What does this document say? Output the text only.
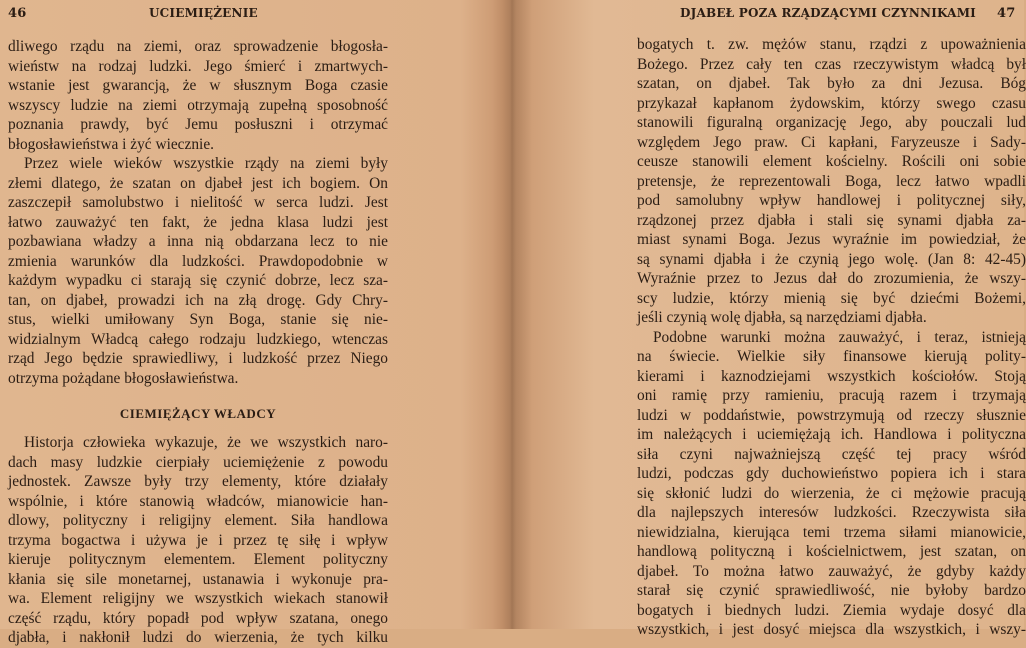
46	UCIEMIĘŻENIE
dliwego rządu na ziemi, oraz sprowadzenie błogosła-
wieństw na rodzaj ludzki. Jego śmierć i zmartwych-
wstanie jest gwarancją, że w słusznym Boga czasie
wszyscy ludzie na ziemi otrzymają zupełną sposobność
poznania prawdy, być Jemu posłuszni i otrzymać
błogosławieństwa i żyć wiecznie.
Przez wiele wieków wszystkie rządy na ziemi były
złemi dlatego, że szatan on djabeł jest ich bogiem. On
zaszczepił samolubstwo i nielitość w serca ludzi. Jest
łatwo zauważyć ten fakt, że jedna klasa ludzi jest
pozbawiana władzy a inna nią obdarzana lecz to nie
zmienia warunków dla ludzkości. Prawdopodobnie w
każdym wypadku ci starają się czynić dobrze, lecz sza-
tan, on djabeł, prowadzi ich na złą drogę. Gdy Chry-
stus, wielki umiłowany Syn Boga, stanie się nie-
widzialnym Władcą całego rodzaju ludzkiego, wtenczas
rząd Jego będzie sprawiedliwy, i ludzkość przez Niego
otrzyma pożądane błogosławieństwa.
CIEMIĘŻĄCY WŁADCY
Historja człowieka wykazuje, że we wszystkich naro-
dach masy ludzkie cierpiały uciemiężenie z powodu
jednostek. Zawsze były trzy elementy, które działały
wspólnie, i które stanowią władców, mianowicie han-
dlowy, polityczny i religijny element. Siła handlowa
trzyma bogactwa i używa je i przez tę siłę i wpływ
kieruje politycznym elementem. Element polityczny
kłania się sile monetarnej, ustanawia i wykonuje pra-
wa. Element religijny we wszystkich wiekach stanowił
część rządu, który popadł pod wpływ szatana, onego
djabła, i nakłonił ludzi do wierzenia, że tych kilku
DJABEŁ POZA RZĄDZĄCYMI CZYNNIKAMI 47
bogatych t. zw. mężów stanu, rządzi z upoważnienia
Bożego. Przez cały ten czas rzeczywistym władcą był
szatan, on djabeł. Tak było za dni Jezusa. Bóg
przykazał kapłanom żydowskim, którzy swego czasu
stanowili figuralną organizację Jego, aby pouczali lud
względem Jego praw. Ci kapłani, Faryzeusze i Sady-
ceusze stanowili element kościelny. Rościli oni sobie
pretensje, że reprezentowali Boga, lecz łatwo wpadli
pod samolubny wpływ handlowej i politycznej siły,
rządzonej przez djabła i stali się synami djabła za-
miast synami Boga. Jezus wyraźnie im powiedział, że
są synami djabła i że czynią jego wolę. (Jan 8: 42-45)
Wyraźnie przez to Jezus dał do zrozumienia, że wszy-
scy ludzie, którzy mienią się być dziećmi Bożemi,
jeśli czynią wolę djabła, są narzędziami djabła.
Podobne warunki można zauważyć, i teraz, istnieją
na świecie. Wielkie siły finansowe kierują polity-
kierami i kaznodziejami wszystkich kościołów. Stoją
oni ramię przy ramieniu, pracują razem i trzymają
ludzi w poddaństwie, powstrzymują od rzeczy słusznie
im należących i uciemiężają ich. Handlowa i polityczna
siła czyni najważniejszą część tej pracy wśród
ludzi, podczas gdy duchowieństwo popiera ich i stara
się skłonić ludzi do wierzenia, że ci mężowie pracują
dla najlepszych interesów ludzkości. Rzeczywista siła
niewidzialna, kierująca temi trzema siłami mianowicie,
handlową polityczną i kościelnictwem, jest szatan, on
djabeł. To można łatwo zauważyć, że gdyby każdy
starał się czynić sprawiedliwość, nie byłoby bardzo
bogatych i biednych ludzi. Ziemia wydaje dosyć dla
wszystkich, i jest dosyć miejsca dla wszystkich, i wszy-
